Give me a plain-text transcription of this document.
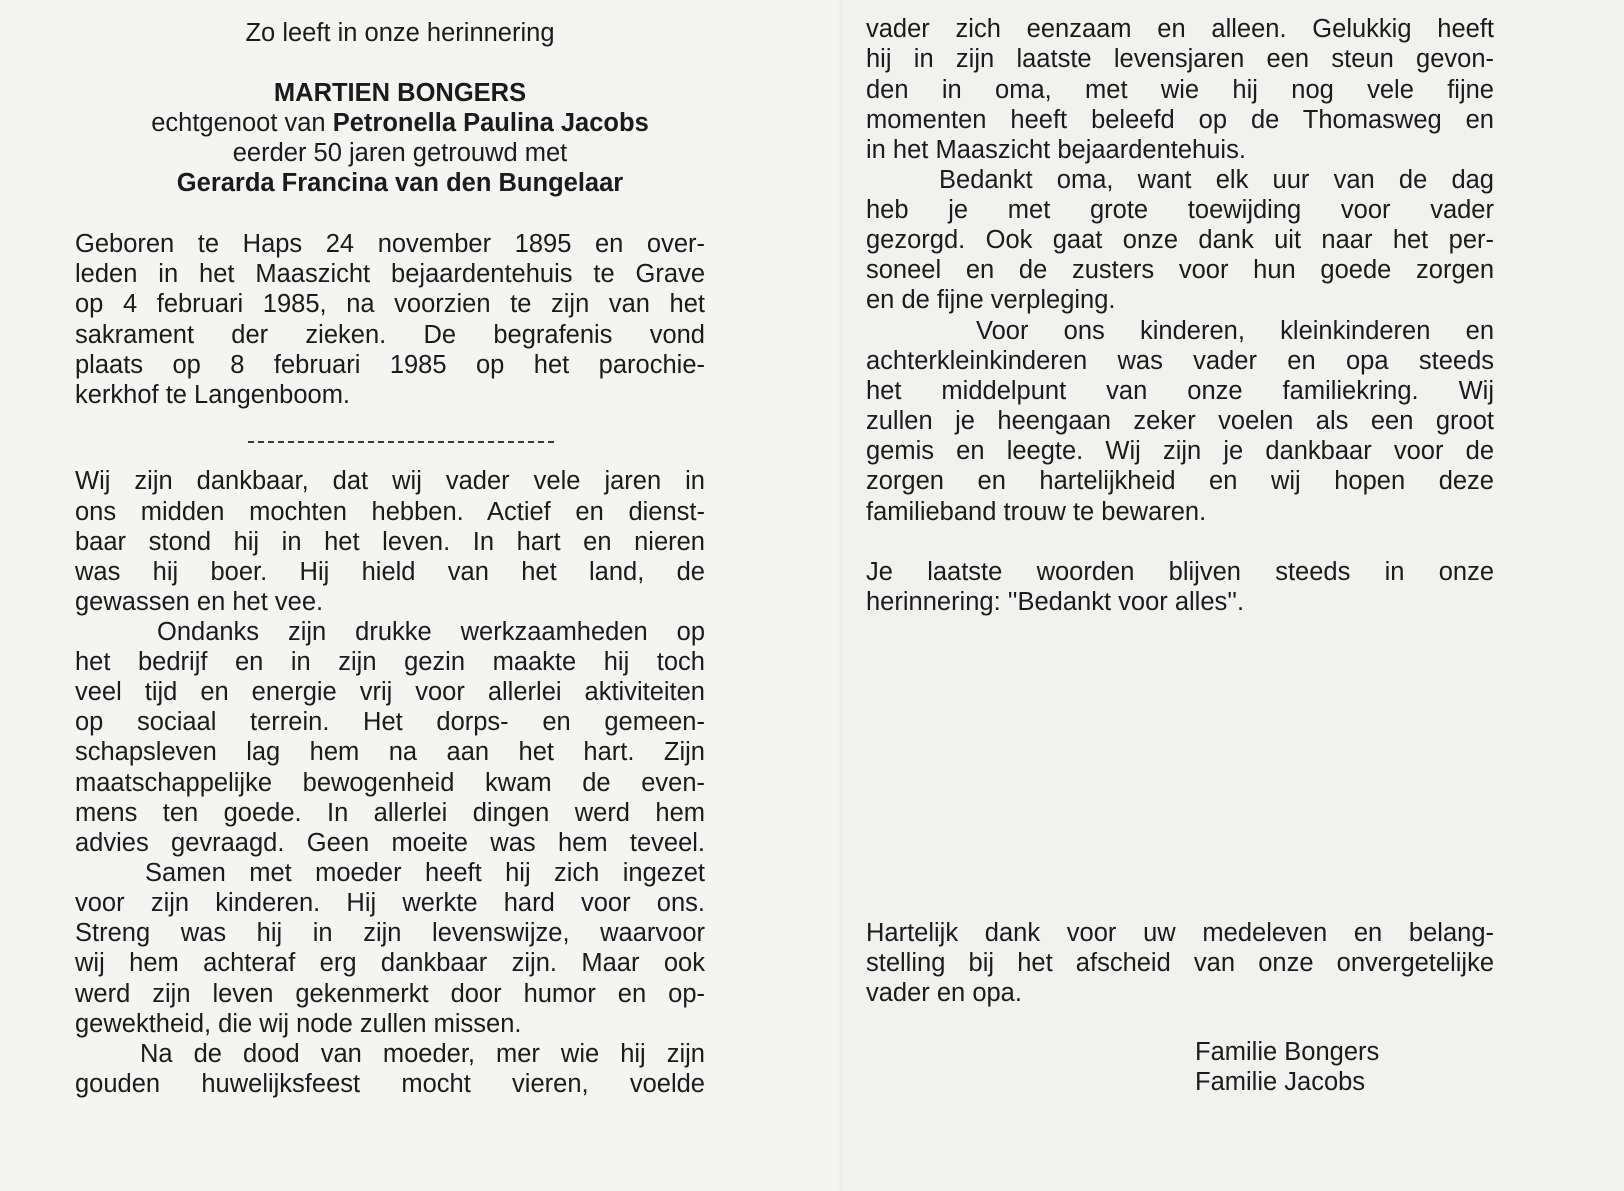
Zo leeft in onze herinnering
MARTIEN BONGERS
echtgenoot van Petronella Paulina Jacobs
eerder 50 jaren getrouwd met
Gerarda Francina van den Bungelaar
Geboren te Haps 24 november 1895 en over-
leden in het Maaszicht bejaardentehuis te Grave
op 4 februari 1985, na voorzien te zijn van het
sakrament der zieken. De begrafenis vond
plaats op 8 februari 1985 op het parochie-
kerkhof te Langenboom.
Wij zijn dankbaar, dat wij vader vele jaren in
ons midden mochten hebben. Actief en dienst-
baar stond hij in het leven. In hart en nieren
was hij boer. Hij hield van het land, de
gewassen en het vee.
Ondanks zijn drukke werkzaamheden op
het bedrijf en in zijn gezin maakte hij toch
veel tijd en energie vrij voor allerlei aktiviteiten
op sociaal terrein. Het dorps- en gemeen-
schapsleven lag hem na aan het hart. Zijn
maatschappelijke bewogenheid kwam de even-
mens ten goede. In allerlei dingen werd hem
advies gevraagd. Geen moeite was hem teveel.
Samen met moeder heeft hij zich ingezet
voor zijn kinderen. Hij werkte hard voor ons.
Streng was hij in zijn levenswijze, waarvoor
wij hem achteraf erg dankbaar zijn. Maar ook
werd zijn leven gekenmerkt door humor en op-
gewektheid, die wij node zullen missen.
Na de dood van moeder, mer wie hij zijn
gouden huwelijksfeest mocht vieren, voelde
vader zich eenzaam en alleen. Gelukkig heeft
hij in zijn laatste levensjaren een steun gevon-
den in oma, met wie hij nog vele fijne
momenten heeft beleefd op de Thomasweg en
in het Maaszicht bejaardentehuis.
Bedankt oma, want elk uur van de dag
heb je met grote toewijding voor vader
gezorgd. Ook gaat onze dank uit naar het per-
soneel en de zusters voor hun goede zorgen
en de fijne verpleging.
Voor ons kinderen, kleinkinderen en
achterkleinkinderen was vader en opa steeds
het middelpunt van onze familiekring. Wij
zullen je heengaan zeker voelen als een groot
gemis en leegte. Wij zijn je dankbaar voor de
zorgen en hartelijkheid en wij hopen deze
familieband trouw te bewaren.
Je laatste woorden blijven steeds in onze
herinnering: ''Bedankt voor alles''.
Hartelijk dank voor uw medeleven en belang-
stelling bij het afscheid van onze onvergetelijke
vader en opa.
Familie Bongers
Familie Jacobs
